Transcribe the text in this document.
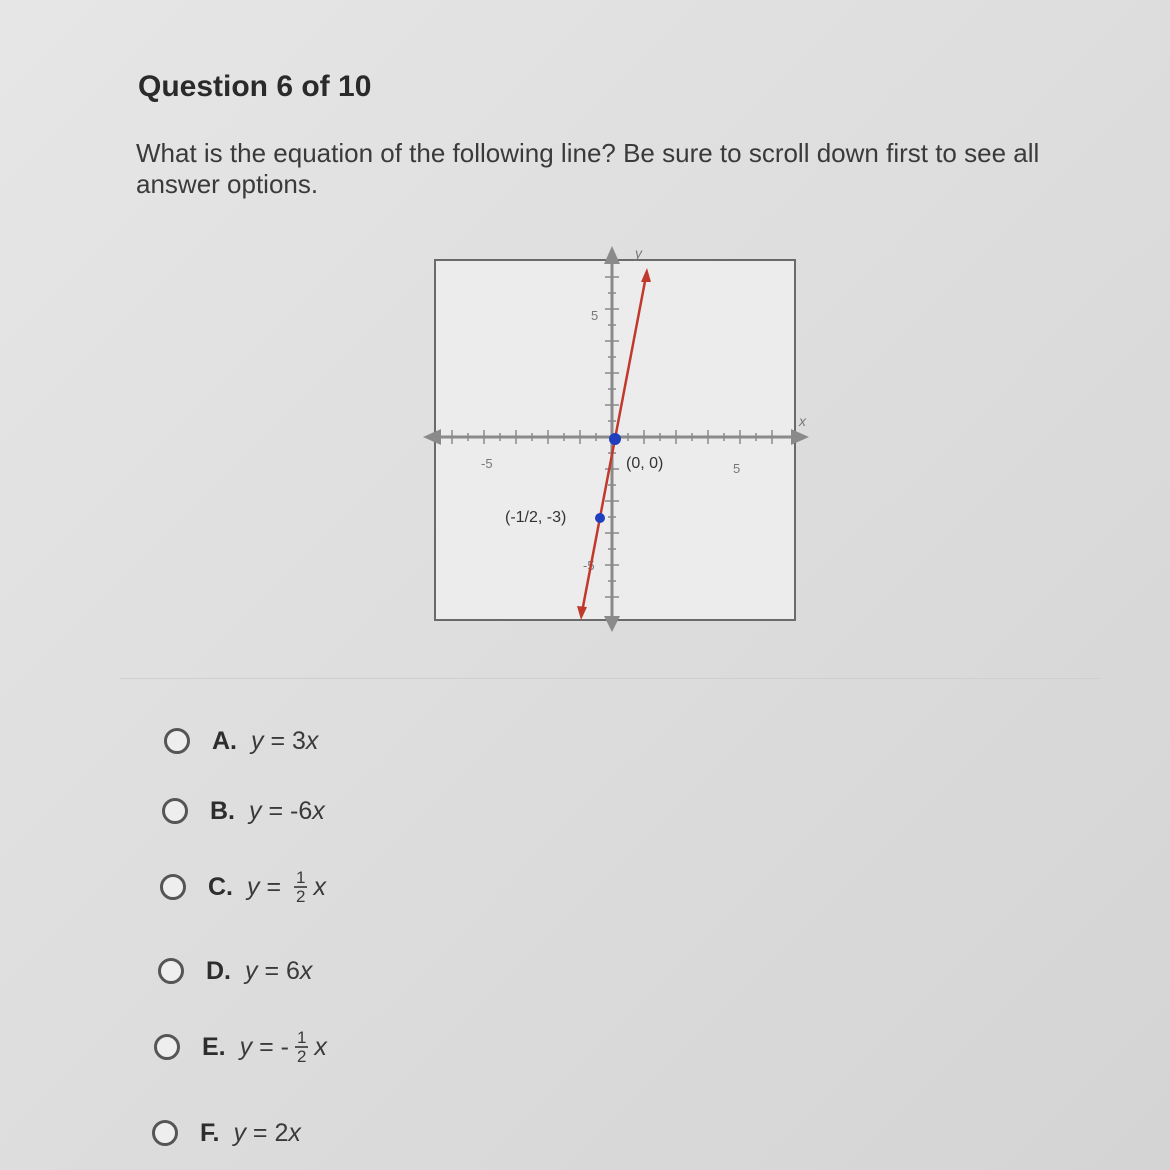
Question 6 of 10
What is the equation of the following line? Be sure to scroll down first to see all answer options.
x
y
-5	5
5
-5
(0, 0)
(-1/2, -3)
A. y = 3 x
B. y = -6 x
C. $y = \frac{1}{2}$ x
D. y = 6 x
E. y = - $\frac{1}{2}$ x
F. y = 2 x
